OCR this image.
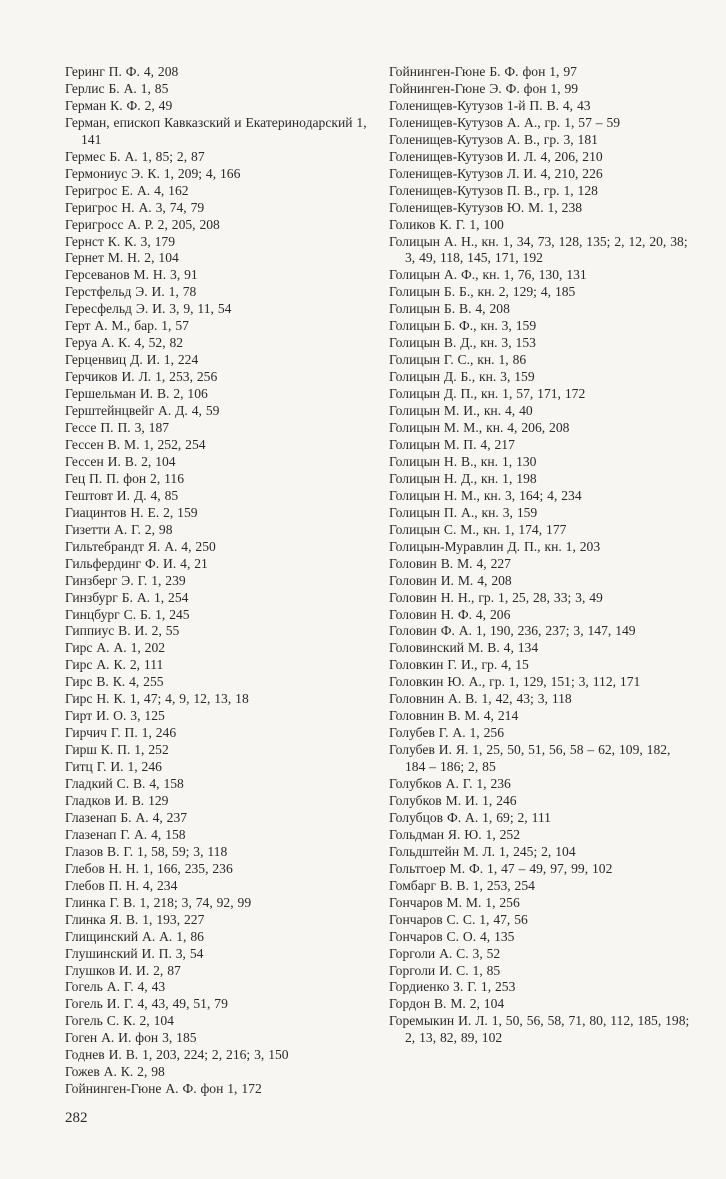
Геринг П. Ф. 4, 208
Герлис Б. А. 1, 85
Герман К. Ф. 2, 49
Герман, епископ Кавказский и Екатеринодарский 1, 141
Гермес Б. А. 1, 85; 2, 87
Гермониус Э. К. 1, 209; 4, 166
Геригрос Е. А. 4, 162
Геригрос Н. А. 3, 74, 79
Геригросс А. Р. 2, 205, 208
Гернст К. К. 3, 179
Гернет М. Н. 2, 104
Герсеванов М. Н. 3, 91
Герстфельд Э. И. 1, 78
Гересфельд Э. И. 3, 9, 11, 54
Герт А. М., бар. 1, 57
Геруа А. К. 4, 52, 82
Герценвиц Д. И. 1, 224
Герчиков И. Л. 1, 253, 256
Гершельман И. В. 2, 106
Герштейнцвейг А. Д. 4, 59
Гессе П. П. 3, 187
Гессен В. М. 1, 252, 254
Гессен И. В. 2, 104
Гец П. П. фон 2, 116
Гештовт И. Д. 4, 85
Гиацинтов Н. Е. 2, 159
Гизетти А. Г. 2, 98
Гильтебрандт Я. А. 4, 250
Гильфердинг Ф. И. 4, 21
Гинзберг Э. Г. 1, 239
Гинзбург Б. А. 1, 254
Гинцбург С. Б. 1, 245
Гиппиус В. И. 2, 55
Гирс А. А. 1, 202
Гирс А. К. 2, 111
Гирс В. К. 4, 255
Гирс Н. К. 1, 47; 4, 9, 12, 13, 18
Гирт И. О. 3, 125
Гирчич Г. П. 1, 246
Гирш К. П. 1, 252
Гитц Г. И. 1, 246
Гладкий С. В. 4, 158
Гладков И. В. 129
Глазенап Б. А. 4, 237
Глазенап Г. А. 4, 158
Глазов В. Г. 1, 58, 59; 3, 118
Глебов Н. Н. 1, 166, 235, 236
Глебов П. Н. 4, 234
Глинка Г. В. 1, 218; 3, 74, 92, 99
Глинка Я. В. 1, 193, 227
Глищинский А. А. 1, 86
Глушинский И. П. 3, 54
Глушков И. И. 2, 87
Гогель А. Г. 4, 43
Гогель И. Г. 4, 43, 49, 51, 79
Гогель С. К. 2, 104
Гоген А. И. фон 3, 185
Годнев И. В. 1, 203, 224; 2, 216; 3, 150
Гожев А. К. 2, 98
Гойнинген-Гюне А. Ф. фон 1, 172
Гойнинген-Гюне Б. Ф. фон 1, 97
Гойнинген-Гюне Э. Ф. фон 1, 99
Голенищев-Кутузов 1-й П. В. 4, 43
Голенищев-Кутузов А. А., гр. 1, 57 – 59
Голенищев-Кутузов А. В., гр. 3, 181
Голенищев-Кутузов И. Л. 4, 206, 210
Голенищев-Кутузов Л. И. 4, 210, 226
Голенищев-Кутузов П. В., гр. 1, 128
Голенищев-Кутузов Ю. М. 1, 238
Голиков К. Г. 1, 100
Голицын А. Н., кн. 1, 34, 73, 128, 135; 2, 12, 20, 38; 3, 49, 118, 145, 171, 192
Голицын А. Ф., кн. 1, 76, 130, 131
Голицын Б. Б., кн. 2, 129; 4, 185
Голицын Б. В. 4, 208
Голицын Б. Ф., кн. 3, 159
Голицын В. Д., кн. 3, 153
Голицын Г. С., кн. 1, 86
Голицын Д. Б., кн. 3, 159
Голицын Д. П., кн. 1, 57, 171, 172
Голицын М. И., кн. 4, 40
Голицын М. М., кн. 4, 206, 208
Голицын М. П. 4, 217
Голицын Н. В., кн. 1, 130
Голицын Н. Д., кн. 1, 198
Голицын Н. М., кн. 3, 164; 4, 234
Голицын П. А., кн. 3, 159
Голицын С. М., кн. 1, 174, 177
Голицын-Муравлин Д. П., кн. 1, 203
Головин В. М. 4, 227
Головин И. М. 4, 208
Головин Н. Н., гр. 1, 25, 28, 33; 3, 49
Головин Н. Ф. 4, 206
Головин Ф. А. 1, 190, 236, 237; 3, 147, 149
Головинский М. В. 4, 134
Головкин Г. И., гр. 4, 15
Головкин Ю. А., гр. 1, 129, 151; 3, 112, 171
Головнин А. В. 1, 42, 43; 3, 118
Головнин В. М. 4, 214
Голубев Г. А. 1, 256
Голубев И. Я. 1, 25, 50, 51, 56, 58 – 62, 109, 182, 184 – 186; 2, 85
Голубков А. Г. 1, 236
Голубков М. И. 1, 246
Голубцов Ф. А. 1, 69; 2, 111
Гольдман Я. Ю. 1, 252
Гольдштейн М. Л. 1, 245; 2, 104
Гольтгоер М. Ф. 1, 47 – 49, 97, 99, 102
Гомбарг В. В. 1, 253, 254
Гончаров М. М. 1, 256
Гончаров С. С. 1, 47, 56
Гончаров С. О. 4, 135
Горголи А. С. 3, 52
Горголи И. С. 1, 85
Гордиенко З. Г. 1, 253
Гордон В. М. 2, 104
Горемыкин И. Л. 1, 50, 56, 58, 71, 80, 112, 185, 198; 2, 13, 82, 89, 102
282
